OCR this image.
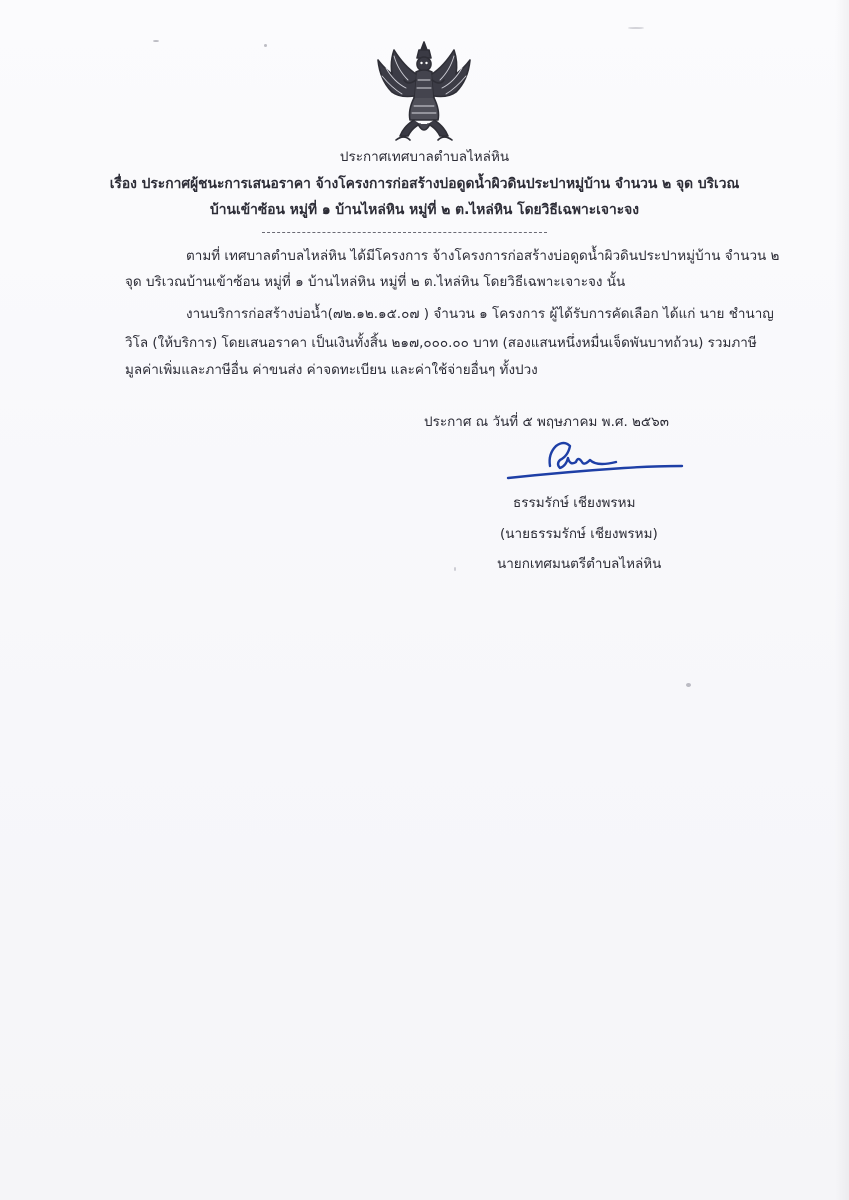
ประกาศเทศบาลตำบลไหล่หิน
เรื่อง ประกาศผู้ชนะการเสนอราคา จ้างโครงการก่อสร้างบ่อดูดน้ำผิวดินประปาหมู่บ้าน จำนวน ๒ จุด บริเวณ
บ้านเข้าซ้อน หมู่ที่ ๑ บ้านไหล่หิน หมู่ที่ ๒ ต.ไหล่หิน โดยวิธีเฉพาะเจาะจง
ตามที่ เทศบาลตำบลไหล่หิน ได้มีโครงการ จ้างโครงการก่อสร้างบ่อดูดน้ำผิวดินประปาหมู่บ้าน จำนวน ๒
จุด บริเวณบ้านเข้าซ้อน หมู่ที่ ๑ บ้านไหล่หิน หมู่ที่ ๒ ต.ไหล่หิน โดยวิธีเฉพาะเจาะจง นั้น
งานบริการก่อสร้างบ่อน้ำ(๗๒.๑๒.๑๕.๐๗ ) จำนวน ๑ โครงการ ผู้ได้รับการคัดเลือก ได้แก่ นาย ชำนาญ
วิโล (ให้บริการ) โดยเสนอราคา เป็นเงินทั้งสิ้น ๒๑๗,๐๐๐.๐๐ บาท (สองแสนหนึ่งหมื่นเจ็ดพันบาทถ้วน) รวมภาษี
มูลค่าเพิ่มและภาษีอื่น ค่าขนส่ง ค่าจดทะเบียน และค่าใช้จ่ายอื่นๆ ทั้งปวง
ประกาศ ณ วันที่ ๕ พฤษภาคม พ.ศ. ๒๕๖๓
ธรรมรักษ์ เชียงพรหม
(นายธรรมรักษ์ เชียงพรหม)
นายกเทศมนตรีตำบลไหล่หิน
